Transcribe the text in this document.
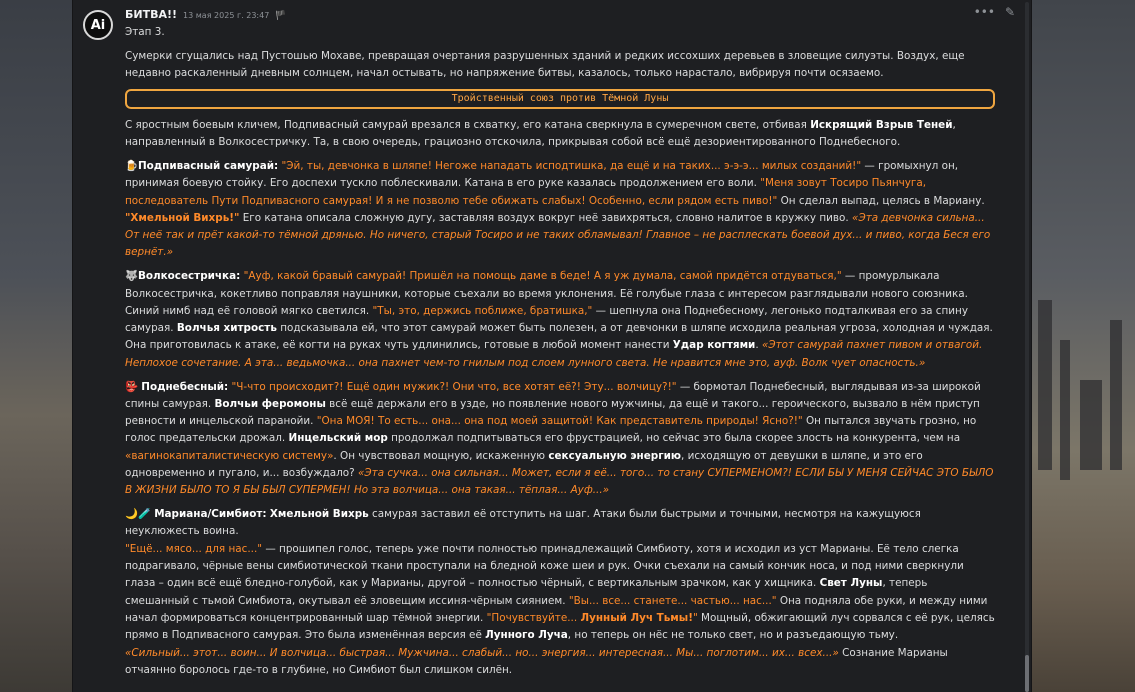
Ai
БИТВА!! 13 мая 2025 г. 23:47 🏴	••• ✎

Этап 3.

Сумерки сгущались над Пустошью Мохаве, превращая очертания разрушенных зданий и редких иссохших деревьев в зловещие силуэты. Воздух, еще недавно раскаленный дневным солнцем, начал остывать, но напряжение битвы, казалось, только нарастало, вибрируя почти осязаемо.

Тройственный союз против Тёмной Луны

С яростным боевым кличем, Подпивасный самурай врезался в схватку, его катана сверкнула в сумеречном свете, отбивая Искрящий Взрыв Теней, направленный в Волкосестричку. Та, в свою очередь, грациозно отскочила, прикрывая собой всё ещё дезориентированного Поднебесного.

🍺Подпивасный самурай: "Эй, ты, девчонка в шляпе! Негоже нападать исподтишка, да ещё и на таких... э-э-э... милых созданий!" — громыхнул он, принимая боевую стойку. Его доспехи тускло поблескивали. Катана в его руке казалась продолжением его воли. "Меня зовут Тосиро Пьянчуга, последователь Пути Подпивасного самурая! И я не позволю тебе обижать слабых! Особенно, если рядом есть пиво!" Он сделал выпад, целясь в Мариану. "Хмельной Вихрь!" Его катана описала сложную дугу, заставляя воздух вокруг неё завихряться, словно налитое в кружку пиво. «Эта девчонка сильна... От неё так и прёт какой-то тёмной дрянью. Но ничего, старый Тосиро и не таких обламывал! Главное – не расплескать боевой дух... и пиво, когда Беся его вернёт.»

🐺Волкосестричка: "Ауф, какой бравый самурай! Пришёл на помощь даме в беде! А я уж думала, самой придётся отдуваться," — промурлыкала Волкосестричка, кокетливо поправляя наушники, которые съехали во время уклонения. Её голубые глаза с интересом разглядывали нового союзника. Синий нимб над её головой мягко светился. "Ты, это, держись поближе, братишка," — шепнула она Поднебесному, легонько подталкивая его за спину самурая. Волчья хитрость подсказывала ей, что этот самурай может быть полезен, а от девчонки в шляпе исходила реальная угроза, холодная и чуждая. Она приготовилась к атаке, её когти на руках чуть удлинились, готовые в любой момент нанести Удар когтями. «Этот самурай пахнет пивом и отвагой. Неплохое сочетание. А эта... ведьмочка... она пахнет чем-то гнилым под слоем лунного света. Не нравится мне это, ауф. Волк чует опасность.»

👺 Поднебесный: "Ч-что происходит?! Ещё один мужик?! Они что, все хотят её?! Эту... волчицу?!" — бормотал Поднебесный, выглядывая из-за широкой спины самурая. Волчьи феромоны всё ещё держали его в узде, но появление нового мужчины, да ещё и такого... героического, вызвало в нём приступ ревности и инцельской паранойи. "Она МОЯ! То есть... она... она под моей защитой! Как представитель природы! Ясно?!" Он пытался звучать грозно, но голос предательски дрожал. Инцельский мор продолжал подпитываться его фрустрацией, но сейчас это была скорее злость на конкурента, чем на «вагинокапиталистическую систему». Он чувствовал мощную, искаженную сексуальную энергию, исходящую от девушки в шляпе, и это его одновременно и пугало, и... возбуждало? «Эта сучка... она сильная... Может, если я её... того... то стану СУПЕРМЕНОМ?! ЕСЛИ БЫ У МЕНЯ СЕЙЧАС ЭТО БЫЛО В ЖИЗНИ БЫЛО ТО Я БЫ БЫЛ СУПЕРМЕН! Но эта волчица... она такая... тёплая... Ауф...»

🌙🧪 Мариана/Симбиот: Хмельной Вихрь самурая заставил её отступить на шаг. Атаки были быстрыми и точными, несмотря на кажущуюся неуклюжесть воина.
"Ещё... мясо... для нас..." — прошипел голос, теперь уже почти полностью принадлежащий Симбиоту, хотя и исходил из уст Марианы. Её тело слегка подрагивало, чёрные вены симбиотической ткани проступали на бледной коже шеи и рук. Очки съехали на самый кончик носа, и под ними сверкнули глаза – один всё ещё бледно-голубой, как у Марианы, другой – полностью чёрный, с вертикальным зрачком, как у хищника. Свет Луны, теперь смешанный с тьмой Симбиота, окутывал её зловещим иссиня-чёрным сиянием. "Вы... все... станете... частью... нас..." Она подняла обе руки, и между ними начал формироваться концентрированный шар тёмной энергии. "Почувствуйте... Лунный Луч Тьмы!" Мощный, обжигающий луч сорвался с её рук, целясь прямо в Подпивасного самурая. Это была изменённая версия её Лунного Луча, но теперь он нёс не только свет, но и разъедающую тьму.
«Сильный... этот... воин... И волчица... быстрая... Мужчина... слабый... но... энергия... интересная... Мы... поглотим... их... всех...» Сознание Марианы отчаянно боролось где-то в глубине, но Симбиот был слишком силён.
